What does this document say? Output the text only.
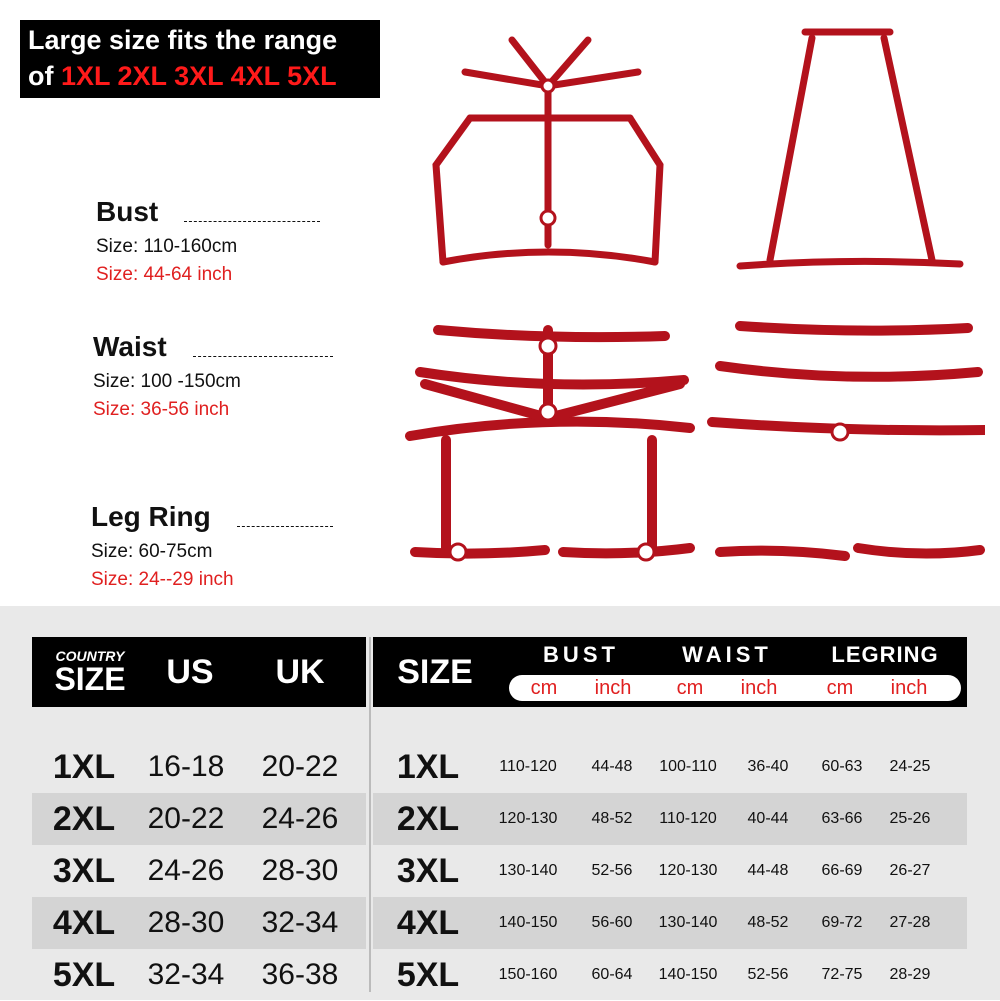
Large size fits the range
of 1XL 2XL 3XL 4XL 5XL
Bust
Size: 110-160cm
Size: 44-64 inch
Waist
Size: 100 -150cm
Size: 36-56 inch
Leg Ring
Size: 60-75cm
Size: 24--29 inch
COUNTRY
SIZE	US	UK
1XL	16-18	20-22
2XL	20-22	24-26
3XL	24-26	28-30
4XL	28-30	32-34
5XL	32-34	36-38
SIZE	BUST	WAIST	LEGRING
cm	inch	cm	inch	cm	inch
1XL	110-120	44-48	100-110	36-40	60-63	24-25
2XL	120-130	48-52	110-120	40-44	63-66	25-26
3XL	130-140	52-56	120-130	44-48	66-69	26-27
4XL	140-150	56-60	130-140	48-52	69-72	27-28
5XL	150-160	60-64	140-150	52-56	72-75	28-29
